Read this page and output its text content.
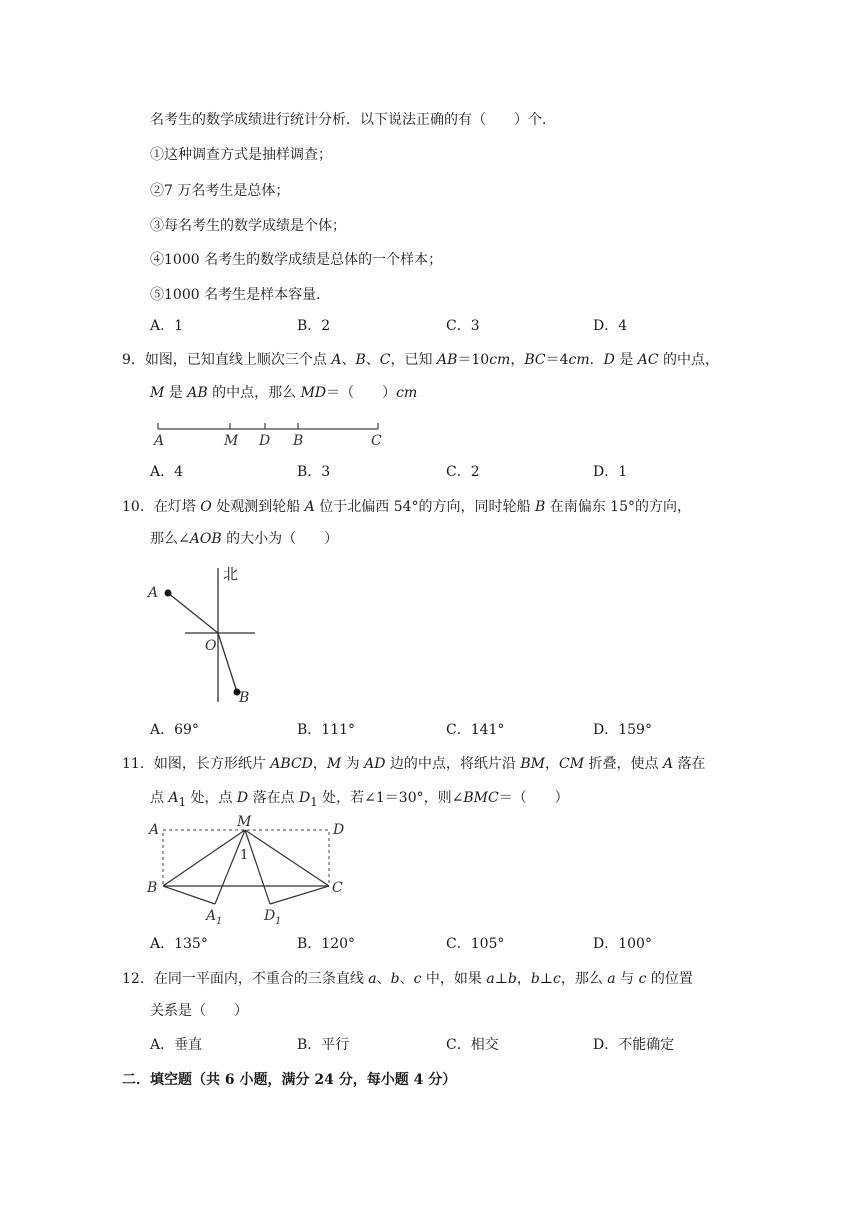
名考生的数学成绩进行统计分析．以下说法正确的有（　　）个．
①这种调查方式是抽样调查；
②7 万名考生是总体；
③每名考生的数学成绩是个体；
④1000 名考生的数学成绩是总体的一个样本；
⑤1000 名考生是样本容量．
A．1	B．2	C．3	D．4
9．如图，已知直线上顺次三个点 A、B、C，已知 AB＝10cm，BC＝4cm．D 是 AC 的中点，
M 是 AB 的中点，那么 MD＝（　　）cm
A	M D B	C
A．4	B．3	C．2	D．1
10．在灯塔 O 处观测到轮船 A 位于北偏西 54°的方向，同时轮船 B 在南偏东 15°的方向，
那么∠AOB 的大小为（　　）
北
A
O
B
A．69°	B．111°	C．141°	D．159°
11．如图，长方形纸片 ABCD，M 为 AD 边的中点，将纸片沿 BM，CM 折叠，使点 A 落在
点 $A_1$ 处，点 D 落在点 $D_1$ 处，若∠1＝30°，则∠BMC＝（　　）
A	M	D
B	C
A 1	D 1
1
A．135°	B．120°	C．105°	D．100°
12．在同一平面内，不重合的三条直线 a、b、c 中，如果 a⊥b，b⊥c，那么 a 与 c 的位置
关系是（　　）
A．垂直	B．平行	C．相交	D．不能确定
二．填空题（共 6 小题，满分 24 分，每小题 4 分）
